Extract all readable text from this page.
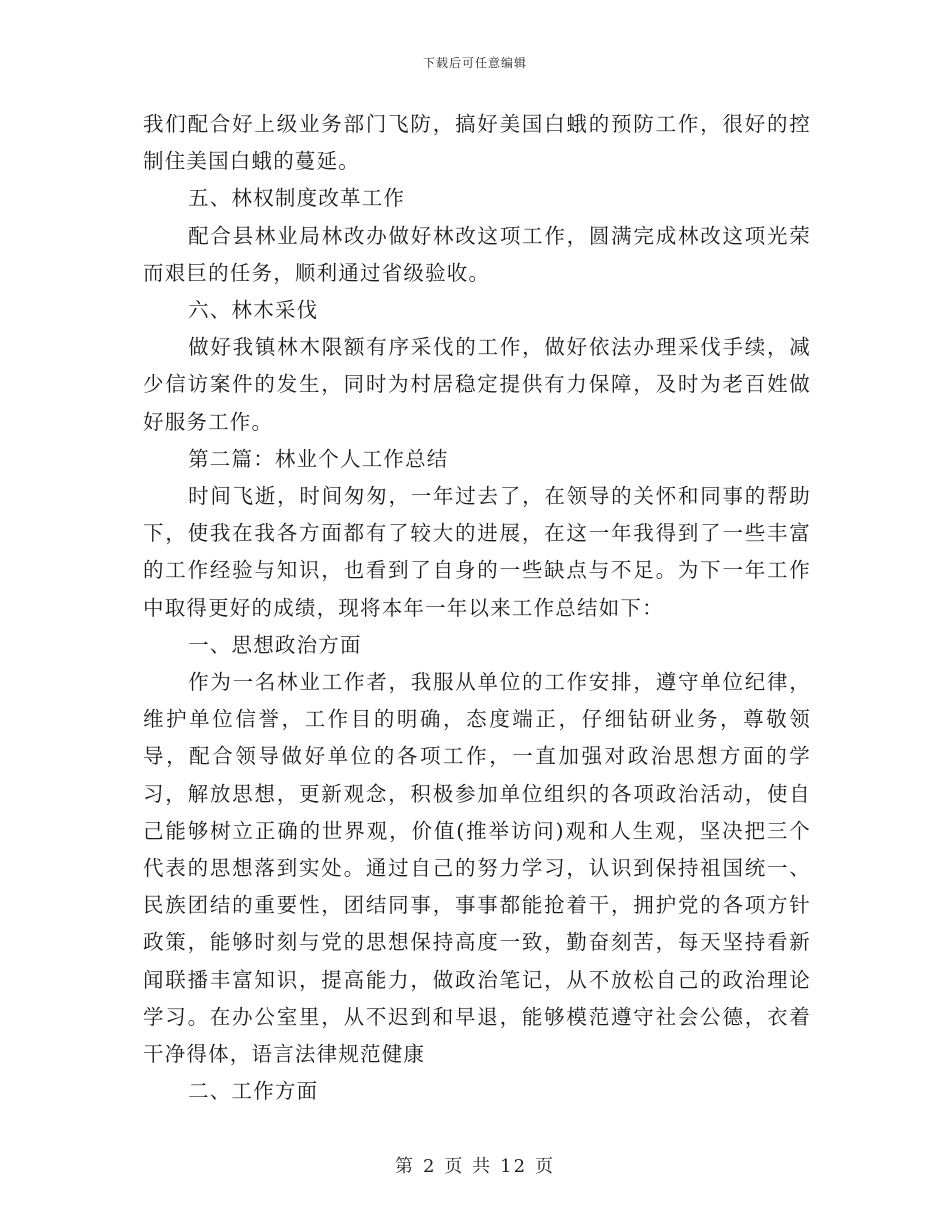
下载后可任意编辑

我们配合好上级业务部门飞防，搞好美国白蛾的预防工作，很好的控制住美国白蛾的蔓延。

五、林权制度改革工作

配合县林业局林改办做好林改这项工作，圆满完成林改这项光荣而艰巨的任务，顺利通过省级验收。

六、林木采伐

做好我镇林木限额有序采伐的工作，做好依法办理采伐手续，减少信访案件的发生，同时为村居稳定提供有力保障，及时为老百姓做好服务工作。

第二篇：林业个人工作总结

时间飞逝，时间匆匆，一年过去了，在领导的关怀和同事的帮助下，使我在我各方面都有了较大的进展，在这一年我得到了一些丰富的工作经验与知识，也看到了自身的一些缺点与不足。为下一年工作中取得更好的成绩，现将本年一年以来工作总结如下：

一、思想政治方面

作为一名林业工作者，我服从单位的工作安排，遵守单位纪律，维护单位信誉，工作目的明确，态度端正，仔细钻研业务，尊敬领导，配合领导做好单位的各项工作，一直加强对政治思想方面的学习，解放思想，更新观念，积极参加单位组织的各项政治活动，使自己能够树立正确的世界观，价值(推举访问)观和人生观，坚决把三个代表的思想落到实处。通过自己的努力学习，认识到保持祖国统一、民族团结的重要性，团结同事，事事都能抢着干，拥护党的各项方针政策，能够时刻与党的思想保持高度一致，勤奋刻苦，每天坚持看新闻联播丰富知识，提高能力，做政治笔记，从不放松自己的政治理论学习。在办公室里，从不迟到和早退，能够模范遵守社会公德，衣着干净得体，语言法律规范健康

二、工作方面

第 2 页 共 12 页
